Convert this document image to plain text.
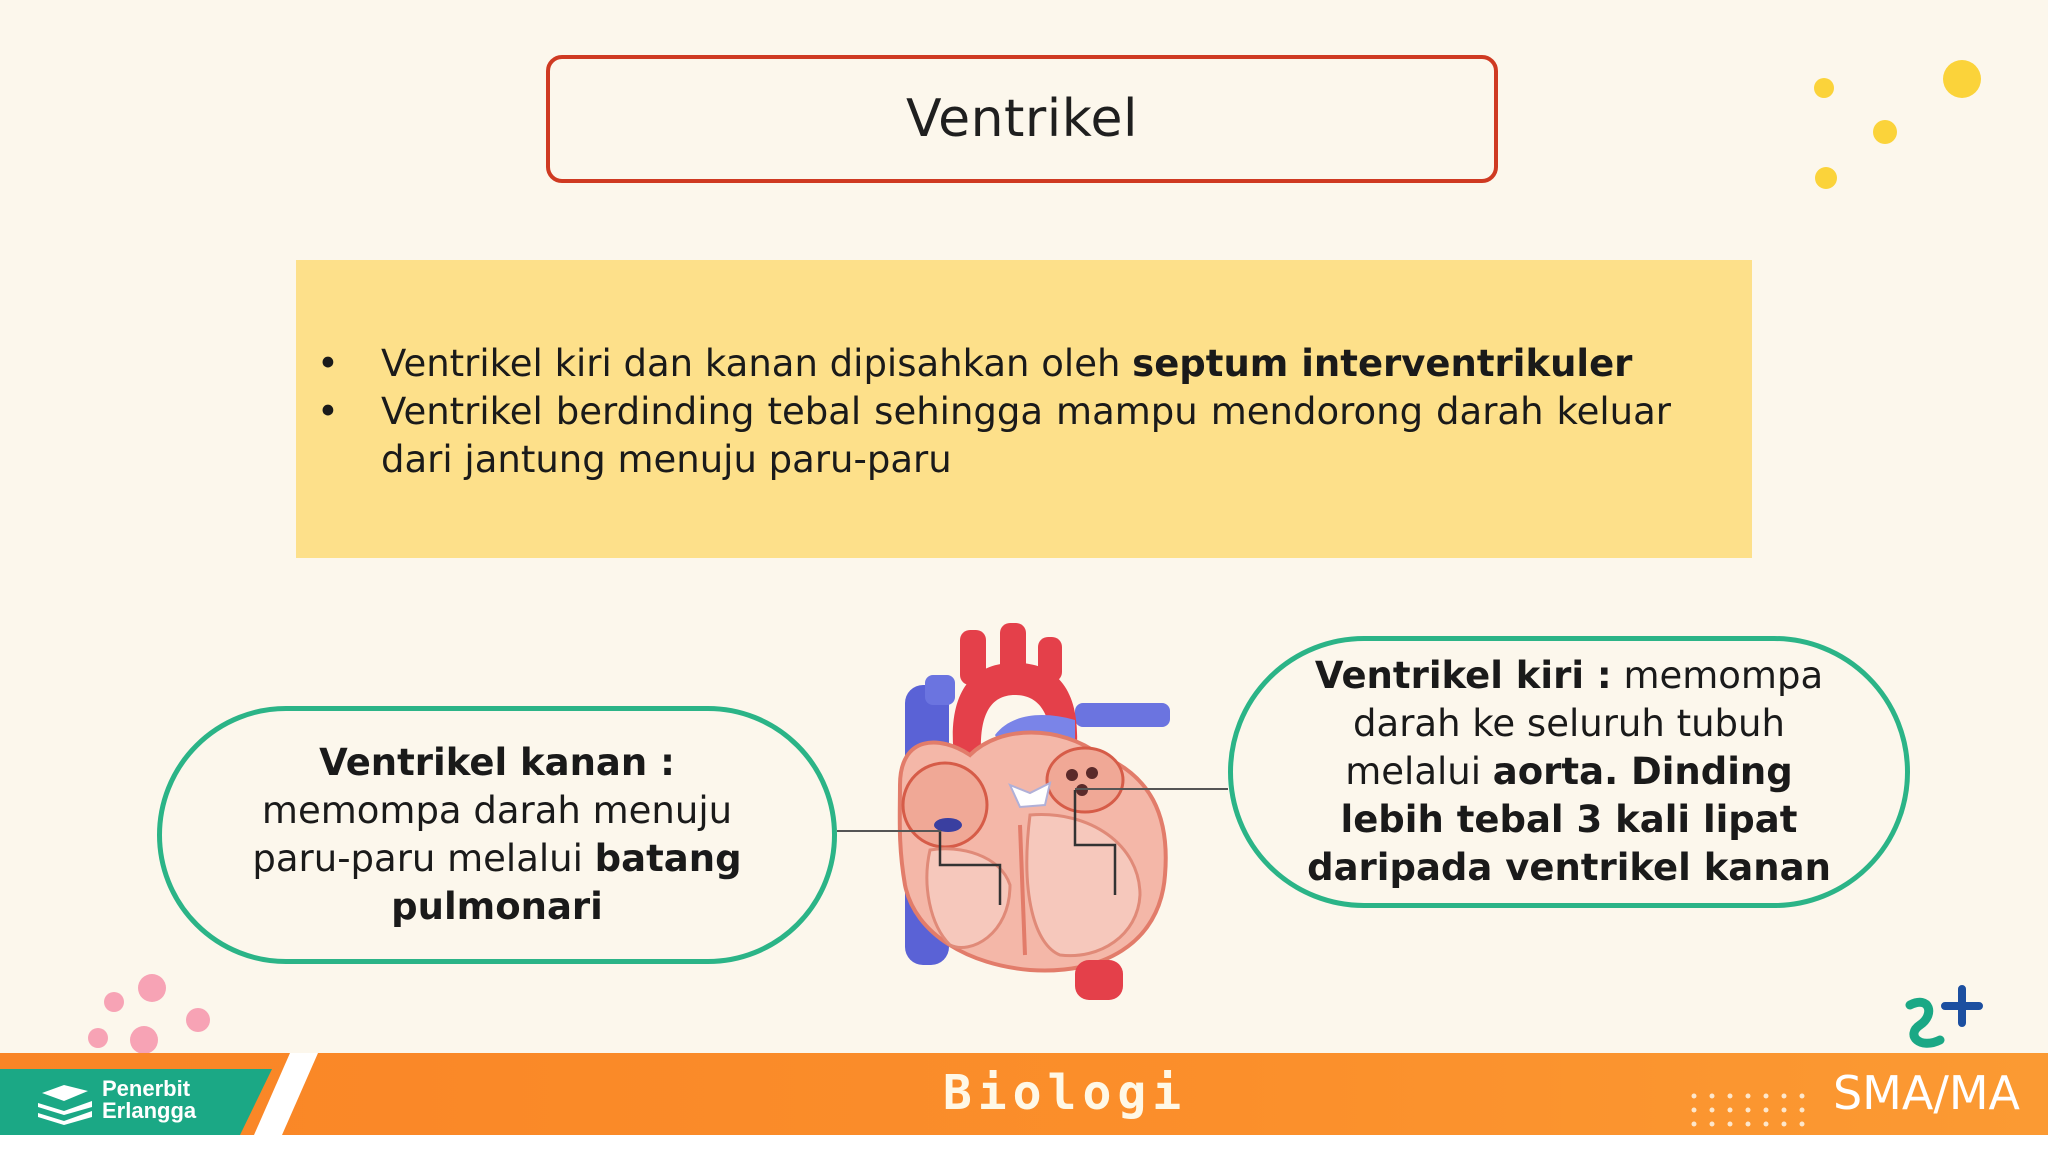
Ventrikel
• Ventrikel kiri dan kanan dipisahkan oleh septum interventrikuler
• Ventrikel berdinding tebal sehingga mampu mendorong darah keluar dari jantung menuju paru-paru
Ventrikel kanan : memompa darah menuju paru-paru melalui batang pulmonari
Ventrikel kiri : memompa darah ke seluruh tubuh melalui aorta. Dinding lebih tebal 3 kali lipat daripada ventrikel kanan
Penerbit
Erlangga	Biologi	SMA/MA
